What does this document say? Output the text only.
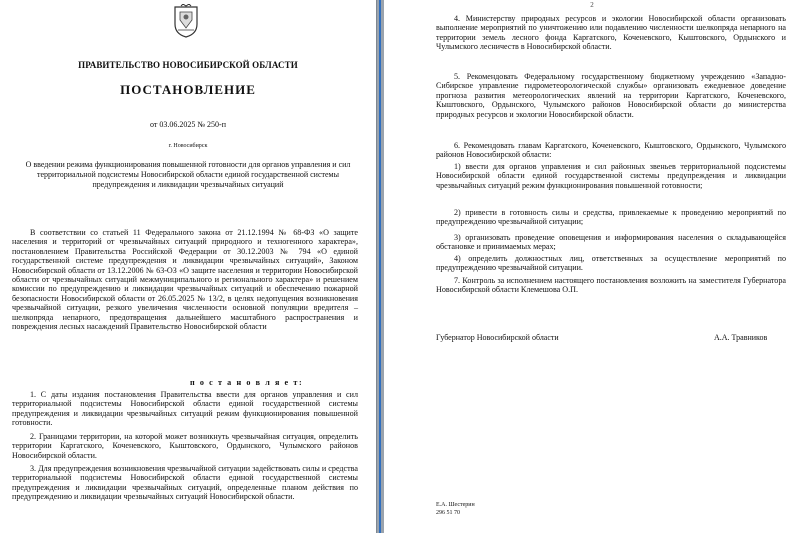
ПРАВИТЕЛЬСТВО НОВОСИБИРСКОЙ ОБЛАСТИ
ПОСТАНОВЛЕНИЕ
от 03.06.2025 № 250-п
г. Новосибирск
О введении режима функционирования повышенной готовности для органов управления и сил территориальной подсистемы Новосибирской области единой государственной системы предупреждения и ликвидации чрезвычайных ситуаций
В соответствии со статьей 11 Федерального закона от 21.12.1994 № 68-ФЗ «О защите населения и территорий от чрезвычайных ситуаций природного и техногенного характера», постановлением Правительства Российской Федерации от 30.12.2003 № 794 «О единой государственной системе предупреждения и ликвидации чрезвычайных ситуаций», Законом Новосибирской области от 13.12.2006 № 63-ОЗ «О защите населения и территории Новосибирской области от чрезвычайных ситуаций межмуниципального и регионального характера» и решением комиссии по предупреждению и ликвидации чрезвычайных ситуаций и обеспечению пожарной безопасности Новосибирской области от 26.05.2025 № 13/2, в целях недопущения возникновения чрезвычайной ситуации, резкого увеличения численности основной популяции вредителя – шелкопряда непарного, предотвращения дальнейшего масштабного распространения и повреждения лесных насаждений Правительство Новосибирской области
п о с т а н о в л я е т:
1. С даты издания постановления Правительства ввести для органов управления и сил территориальной подсистемы Новосибирской области единой государственной системы предупреждения и ликвидации чрезвычайных ситуаций режим функционирования повышенной готовности.
2. Границами территории, на которой может возникнуть чрезвычайная ситуация, определить территории Каргатского, Коченевского, Кыштовского, Ордынского, Чулымского районов Новосибирской области.
3. Для предупреждения возникновения чрезвычайной ситуации задействовать силы и средства территориальной подсистемы Новосибирской области единой государственной системы предупреждения и ликвидации чрезвычайных ситуаций, определенные планом действия по предупреждению и ликвидации чрезвычайных ситуаций Новосибирской области.
2
4. Министерству природных ресурсов и экологии Новосибирской области организовать выполнение мероприятий по уничтожению или подавлению численности шелкопряда непарного на территории земель лесного фонда Каргатского, Коченевского, Кыштовского, Ордынского и Чулымского лесничеств в Новосибирской области.
5. Рекомендовать Федеральному государственному бюджетному учреждению «Западно-Сибирское управление гидрометеорологической службы» организовать ежедневное доведение прогноза развития метеорологических явлений на территории Каргатского, Коченевского, Кыштовского, Ордынского, Чулымского районов Новосибирской области до министерства природных ресурсов и экологии Новосибирской области.
6. Рекомендовать главам Каргатского, Коченевского, Кыштовского, Ордынского, Чулымского районов Новосибирской области:
1) ввести для органов управления и сил районных звеньев территориальной подсистемы Новосибирской области единой государственной системы предупреждения и ликвидации чрезвычайных ситуаций режим функционирования повышенной готовности;
2) привести в готовность силы и средства, привлекаемые к проведению мероприятий по предупреждению чрезвычайной ситуации;
3) организовать проведение оповещения и информирования населения о складывающейся обстановке и принимаемых мерах;
4) определить должностных лиц, ответственных за осуществление мероприятий по предупреждению чрезвычайной ситуации.
7. Контроль за исполнением настоящего постановления возложить на заместителя Губернатора Новосибирской области Клемешова О.П.
Губернатор Новосибирской области	А.А. Травников
Е.А. Шестерин
296 51 70
